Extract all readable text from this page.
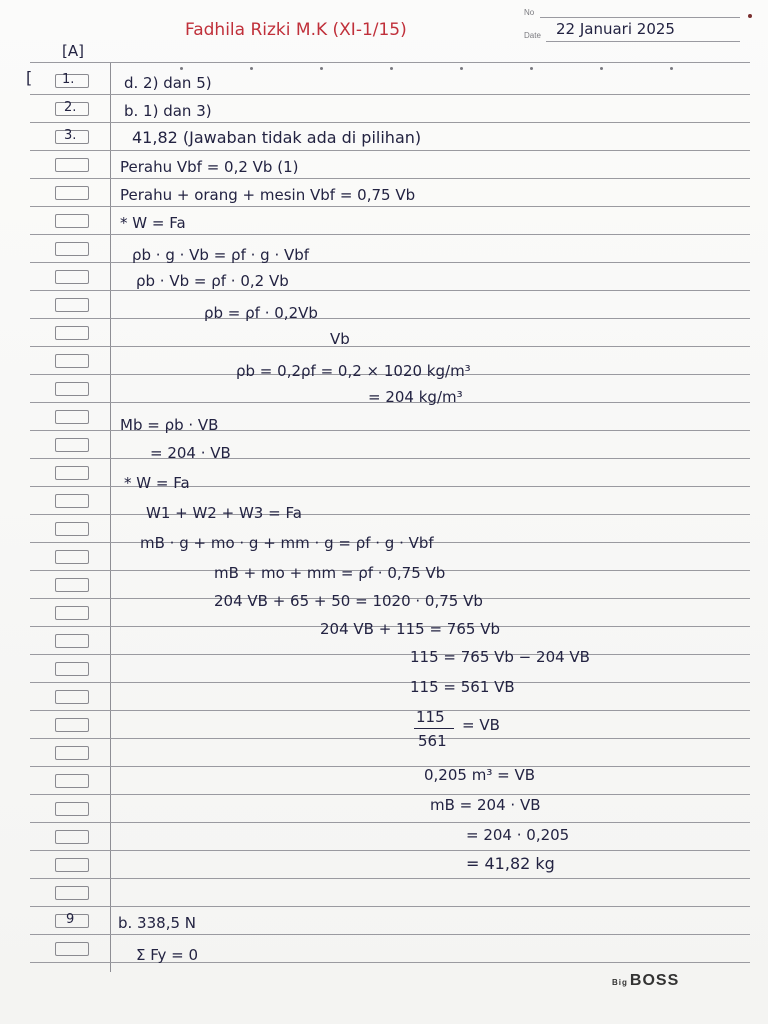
Fadhila Rizki M.K (XI-1/15)
No
Date 22 Januari 2025
[A]
[ 1.
2.
3.
9
d. 2) dan 5)
b. 1) dan 3)
41,82 (Jawaban tidak ada di pilihan)
Perahu Vbf = 0,2 Vb (1)
Perahu + orang + mesin Vbf = 0,75 Vb
* W = Fa
ρb · g · Vb = ρf · g · Vbf
ρb · Vb = ρf · 0,2 Vb
ρb = ρf · 0,2Vb
Vb
ρb = 0,2ρf = 0,2 × 1020 kg/m³
= 204 kg/m³
Mb = ρb · VB
= 204 · VB
* W = Fa
W1 + W2 + W3 = Fa
mB · g + mo · g + mm · g = ρf · g · Vbf
mB + mo + mm = ρf · 0,75 Vb
204 VB + 65 + 50 = 1020 · 0,75 Vb
204 VB + 115 = 765 Vb
115 = 765 Vb − 204 VB
115 = 561 VB
115
561
= VB
0,205 m³ = VB
mB = 204 · VB
= 204 · 0,205
= 41,82 kg
b. 338,5 N
Σ Fy = 0
Big BOSS
